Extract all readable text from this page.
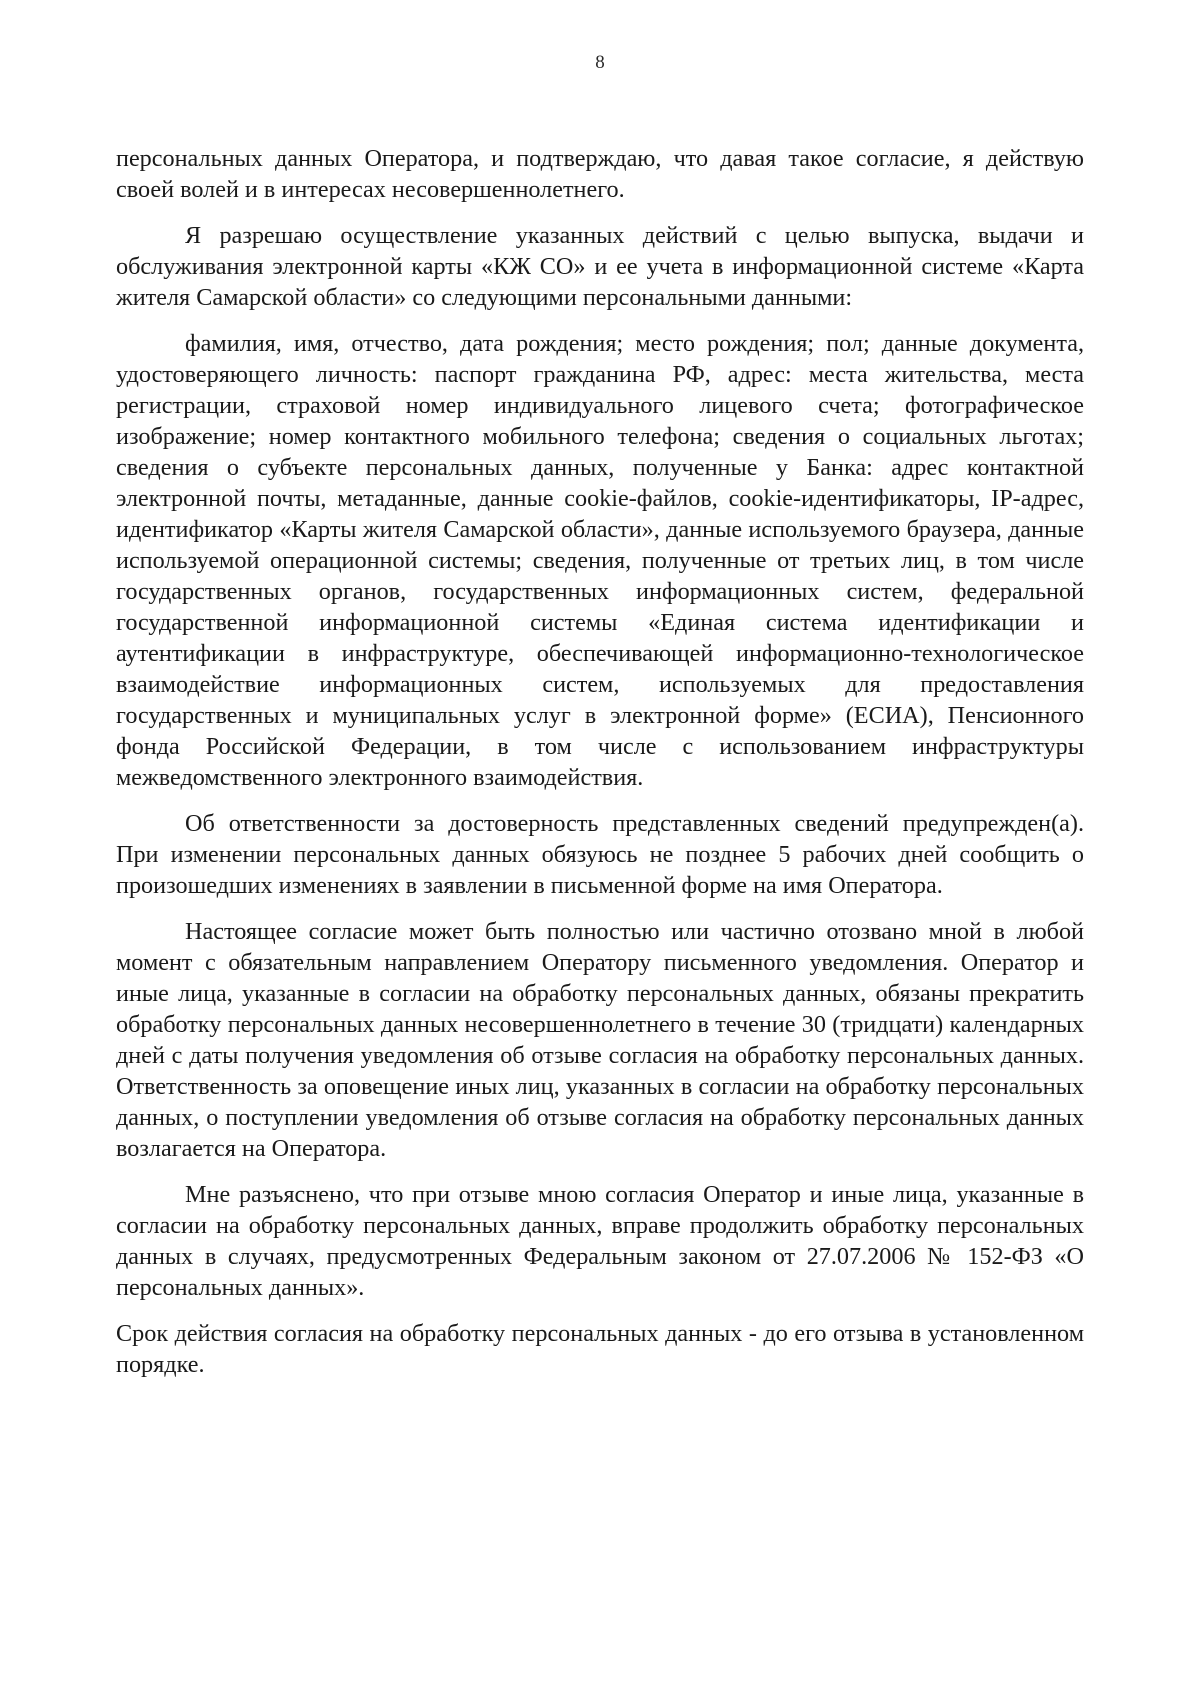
8

персональных данных Оператора, и подтверждаю, что давая такое согласие, я действую своей волей и в интересах несовершеннолетнего.

Я разрешаю осуществление указанных действий с целью выпуска, выдачи и обслуживания электронной карты «КЖ СО» и ее учета в информационной системе «Карта жителя Самарской области» со следующими персональными данными:

фамилия, имя, отчество, дата рождения; место рождения; пол; данные документа, удостоверяющего личность: паспорт гражданина РФ, адрес: места жительства, места регистрации, страховой номер индивидуального лицевого счета; фотографическое изображение; номер контактного мобильного телефона; сведения о социальных льготах; сведения о субъекте персональных данных, полученные у Банка: адрес контактной электронной почты, метаданные, данные cookie-файлов, cookie-идентификаторы, IP-адрес, идентификатор «Карты жителя Самарской области», данные используемого браузера, данные используемой операционной системы; сведения, полученные от третьих лиц, в том числе государственных органов, государственных информационных систем, федеральной государственной информационной системы «Единая система идентификации и аутентификации в инфраструктуре, обеспечивающей информационно-технологическое взаимодействие информационных систем, используемых для предоставления государственных и муниципальных услуг в электронной форме» (ЕСИА), Пенсионного фонда Российской Федерации, в том числе с использованием инфраструктуры межведомственного электронного взаимодействия.

Об ответственности за достоверность представленных сведений предупрежден(а). При изменении персональных данных обязуюсь не позднее 5 рабочих дней сообщить о произошедших изменениях в заявлении в письменной форме на имя Оператора.

Настоящее согласие может быть полностью или частично отозвано мной в любой момент с обязательным направлением Оператору письменного уведомления. Оператор и иные лица, указанные в согласии на обработку персональных данных, обязаны прекратить обработку персональных данных несовершеннолетнего в течение 30 (тридцати) календарных дней с даты получения уведомления об отзыве согласия на обработку персональных данных. Ответственность за оповещение иных лиц, указанных в согласии на обработку персональных данных, о поступлении уведомления об отзыве согласия на обработку персональных данных возлагается на Оператора.

Мне разъяснено, что при отзыве мною согласия Оператор и иные лица, указанные в согласии на обработку персональных данных, вправе продолжить обработку персональных данных в случаях, предусмотренных Федеральным законом от 27.07.2006 № 152-ФЗ «О персональных данных».

Срок действия согласия на обработку персональных данных - до его отзыва в установленном порядке.
